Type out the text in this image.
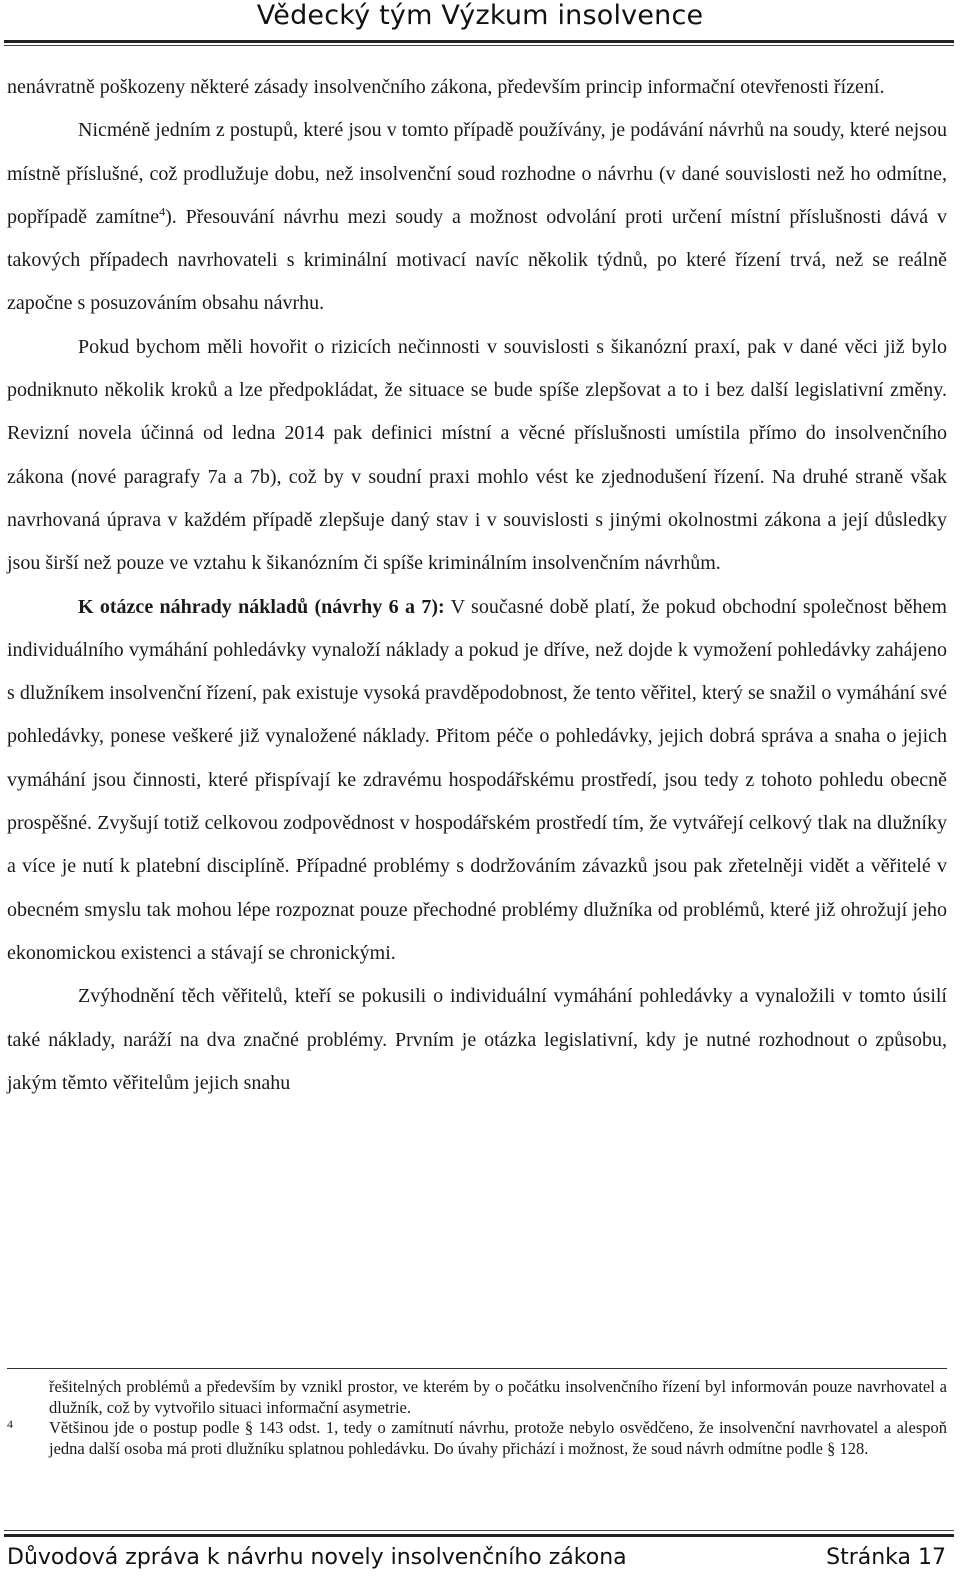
Vědecký tým Výzkum insolvence

nenávratně poškozeny některé zásady insolvenčního zákona, především princip informační otevřenosti řízení.

Nicméně jedním z postupů, které jsou v tomto případě používány, je podávání návrhů na soudy, které nejsou místně příslušné, což prodlužuje dobu, než insolvenční soud rozhodne o návrhu (v dané souvislosti než ho odmítne, popřípadě zamítne$^4$). Přesouvání návrhu mezi soudy a možnost odvolání proti určení místní příslušnosti dává v takových případech navrhovateli s kriminální motivací navíc několik týdnů, po které řízení trvá, než se reálně započne s posuzováním obsahu návrhu.

Pokud bychom měli hovořit o rizicích nečinnosti v souvislosti s šikanózní praxí, pak v dané věci již bylo podniknuto několik kroků a lze předpokládat, že situace se bude spíše zlepšovat a to i bez další legislativní změny. Revizní novela účinná od ledna 2014 pak definici místní a věcné příslušnosti umístila přímo do insolvenčního zákona (nové paragrafy 7a a 7b), což by v soudní praxi mohlo vést ke zjednodušení řízení. Na druhé straně však navrhovaná úprava v každém případě zlepšuje daný stav i v souvislosti s jinými okolnostmi zákona a její důsledky jsou širší než pouze ve vztahu k šikanózním či spíše kriminálním insolvenčním návrhům.

K otázce náhrady nákladů (návrhy 6 a 7): V současné době platí, že pokud obchodní společnost během individuálního vymáhání pohledávky vynaloží náklady a pokud je dříve, než dojde k vymožení pohledávky zahájeno s dlužníkem insolvenční řízení, pak existuje vysoká pravděpodobnost, že tento věřitel, který se snažil o vymáhání své pohledávky, ponese veškeré již vynaložené náklady. Přitom péče o pohledávky, jejich dobrá správa a snaha o jejich vymáhání jsou činnosti, které přispívají ke zdravému hospodářskému prostředí, jsou tedy z tohoto pohledu obecně prospěšné. Zvyšují totiž celkovou zodpovědnost v hospodářském prostředí tím, že vytvářejí celkový tlak na dlužníky a více je nutí k platební disciplíně. Případné problémy s dodržováním závazků jsou pak zřetelněji vidět a věřitelé v obecném smyslu tak mohou lépe rozpoznat pouze přechodné problémy dlužníka od problémů, které již ohrožují jeho ekonomickou existenci a stávají se chronickými.

Zvýhodnění těch věřitelů, kteří se pokusili o individuální vymáhání pohledávky a vynaložili v tomto úsilí také náklady, naráží na dva značné problémy. Prvním je otázka legislativní, kdy je nutné rozhodnout o způsobu, jakým těmto věřitelům jejich snahu

řešitelných problémů a především by vznikl prostor, ve kterém by o počátku insolvenčního řízení byl informován pouze navrhovatel a dlužník, což by vytvořilo situaci informační asymetrie.

4 Většinou jde o postup podle § 143 odst. 1, tedy o zamítnutí návrhu, protože nebylo osvědčeno, že insolvenční navrhovatel a alespoň jedna další osoba má proti dlužníku splatnou pohledávku. Do úvahy přichází i možnost, že soud návrh odmítne podle § 128.

Důvodová zpráva k návrhu novely insolvenčního zákona	Stránka 17
